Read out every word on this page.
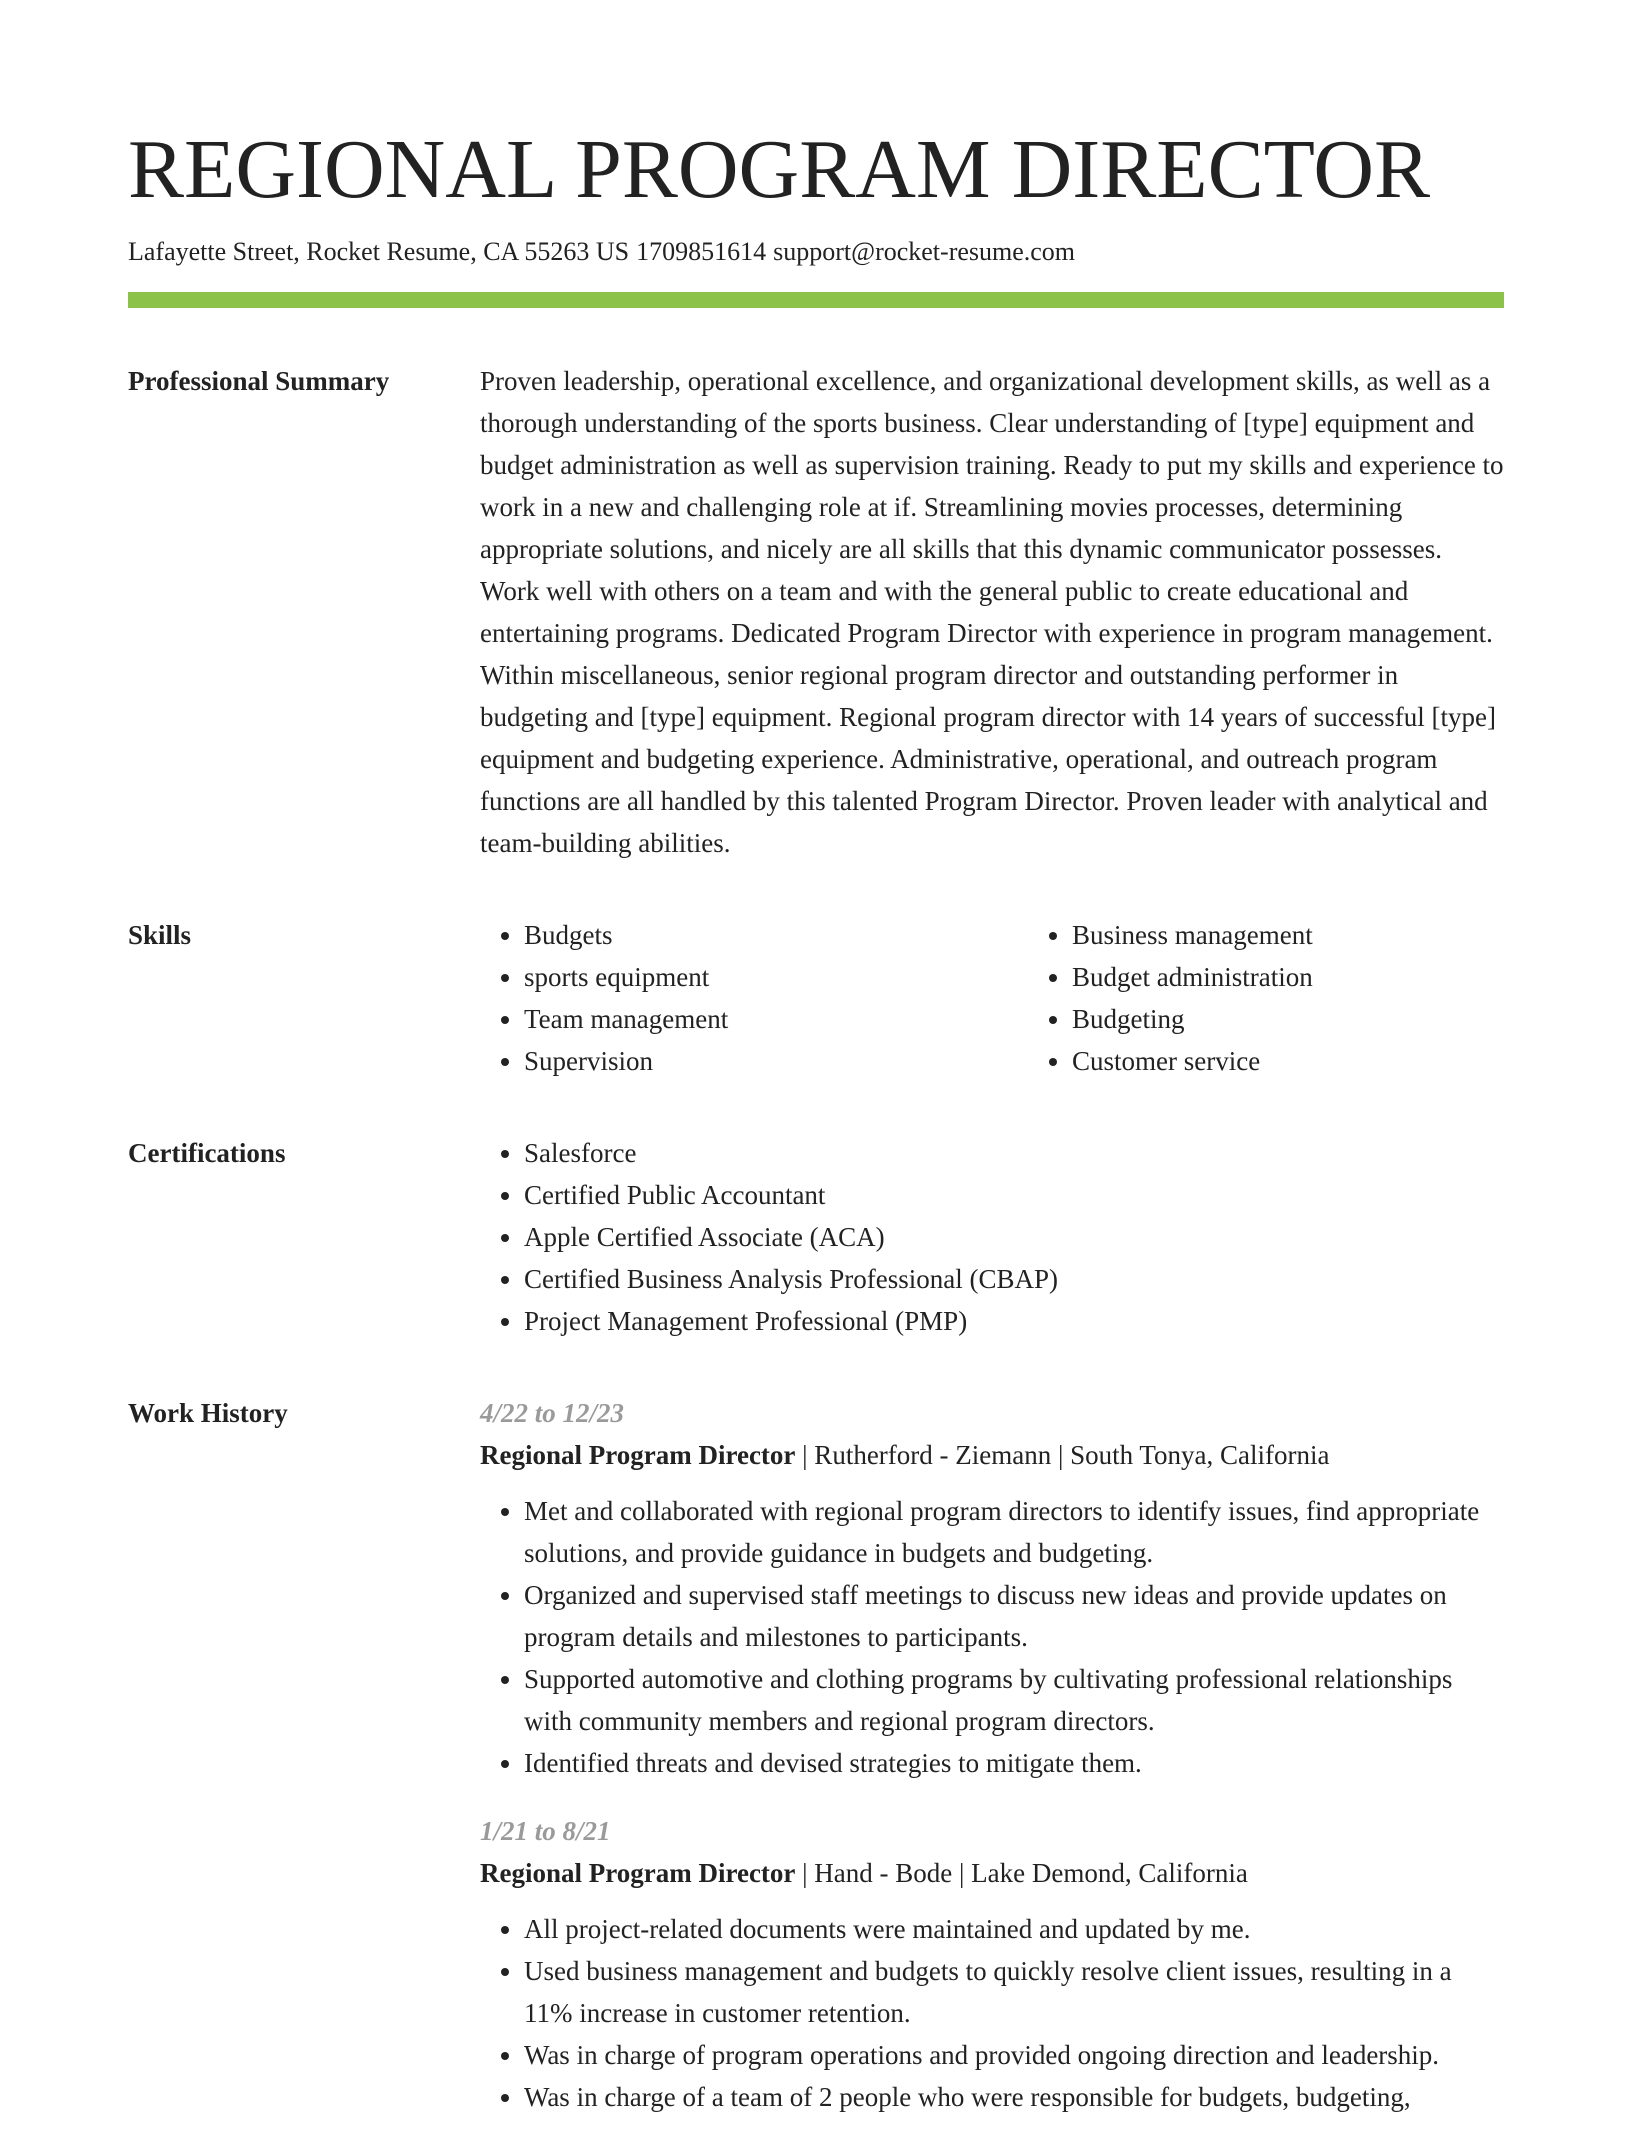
REGIONAL PROGRAM DIRECTOR
Lafayette Street, Rocket Resume, CA 55263 US 1709851614 support@rocket-resume.com
Professional Summary	Proven leadership, operational excellence, and organizational development skills, as well as a thorough understanding of the sports business. Clear understanding of [type] equipment and budget administration as well as supervision training. Ready to put my skills and experience to work in a new and challenging role at if. Streamlining movies processes, determining appropriate solutions, and nicely are all skills that this dynamic communicator possesses. Work well with others on a team and with the general public to create educational and entertaining programs. Dedicated Program Director with experience in program management. Within miscellaneous, senior regional program director and outstanding performer in budgeting and [type] equipment. Regional program director with 14 years of successful [type] equipment and budgeting experience. Administrative, operational, and outreach program functions are all handled by this talented Program Director. Proven leader with analytical and team-building abilities.

Skills	• Budgets
• sports equipment
• Team management
• Supervision
• Business management
• Budget administration
• Budgeting
• Customer service
Certifications	• Salesforce
• Certified Public Accountant
• Apple Certified Associate (ACA)
• Certified Business Analysis Professional (CBAP)
• Project Management Professional (PMP)
Work History	4/22 to 12/23
Regional Program Director | Rutherford - Ziemann | South Tonya, California
• Met and collaborated with regional program directors to identify issues, find appropriate solutions, and provide guidance in budgets and budgeting.
• Organized and supervised staff meetings to discuss new ideas and provide updates on program details and milestones to participants.
• Supported automotive and clothing programs by cultivating professional relationships with community members and regional program directors.
• Identified threats and devised strategies to mitigate them.
1/21 to 8/21
Regional Program Director | Hand - Bode | Lake Demond, California
• All project-related documents were maintained and updated by me.
• Used business management and budgets to quickly resolve client issues, resulting in a 11% increase in customer retention.
• Was in charge of program operations and provided ongoing direction and leadership.
• Was in charge of a team of 2 people who were responsible for budgets, budgeting,
